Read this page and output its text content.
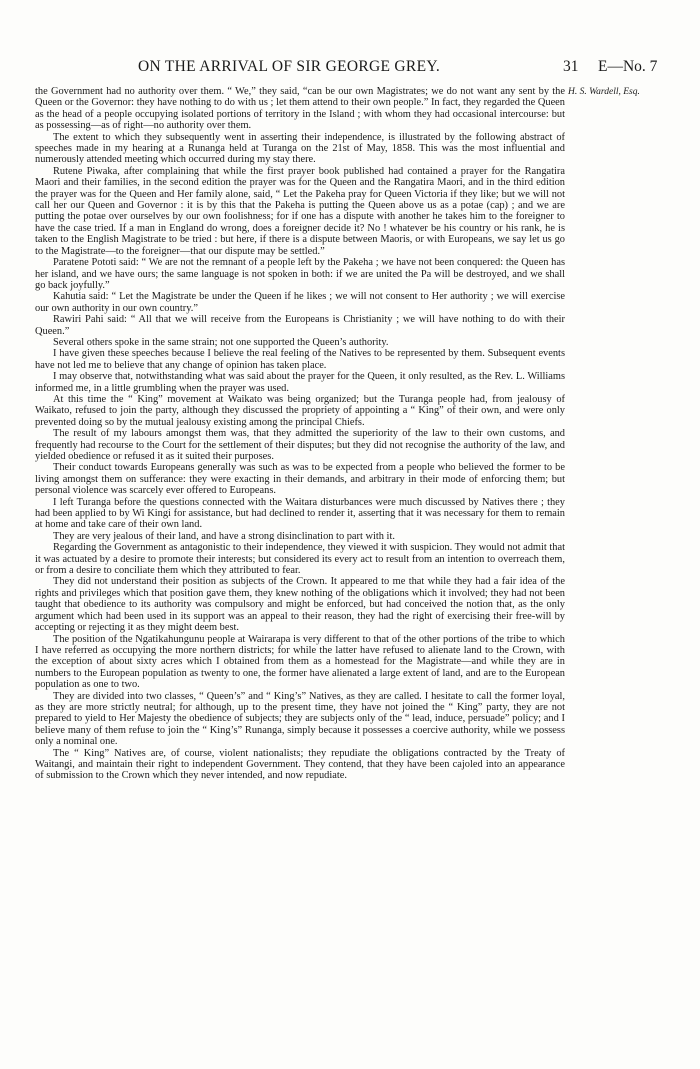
ON THE ARRIVAL OF SIR GEORGE GREY.	31 E—No. 7
H. S. Wardell, Esq.

the Government had no authority over them. “ We,” they said, “can be our own Magistrates; we do not want any sent by the Queen or the Governor: they have nothing to do with us ; let them attend to their own people.” In fact, they regarded the Queen as the head of a people occupying isolated portions of territory in the Island ; with whom they had occasional intercourse: but as possessing—as of right—no authority over them.

The extent to which they subsequently went in asserting their independence, is illustrated by the following abstract of speeches made in my hearing at a Runanga held at Turanga on the 21st of May, 1858. This was the most influential and numerously attended meeting which occurred during my stay there.

Rutene Piwaka, after complaining that while the first prayer book published had contained a prayer for the Rangatira Maori and their families, in the second edition the prayer was for the Queen and the Rangatira Maori, and in the third edition the prayer was for the Queen and Her family alone, said, “ Let the Pakeha pray for Queen Victoria if they like; but we will not call her our Queen and Governor : it is by this that the Pakeha is putting the Queen above us as a potae (cap) ; and we are putting the potae over ourselves by our own foolishness; for if one has a dispute with another he takes him to the foreigner to have the case tried. If a man in England do wrong, does a foreigner decide it? No ! whatever be his country or his rank, he is taken to the English Magistrate to be tried : but here, if there is a dispute between Maoris, or with Europeans, we say let us go to the Magistrate—to the foreigner—that our dispute may be settled.”

Paratene Pototi said: “ We are not the remnant of a people left by the Pakeha ; we have not been conquered: the Queen has her island, and we have ours; the same language is not spoken in both: if we are united the Pa will be destroyed, and we shall go back joyfully.”

Kahutia said: “ Let the Magistrate be under the Queen if he likes ; we will not consent to Her authority ; we will exercise our own authority in our own country.”

Rawiri Pahi said: “ All that we will receive from the Europeans is Christianity ; we will have nothing to do with their Queen.”

Several others spoke in the same strain; not one supported the Queen’s authority.

I have given these speeches because I believe the real feeling of the Natives to be represented by them. Subsequent events have not led me to believe that any change of opinion has taken place.

I may observe that, notwithstanding what was said about the prayer for the Queen, it only resulted, as the Rev. L. Williams informed me, in a little grumbling when the prayer was used.

At this time the “ King” movement at Waikato was being organized; but the Turanga people had, from jealousy of Waikato, refused to join the party, although they discussed the propriety of appointing a “ King” of their own, and were only prevented doing so by the mutual jealousy existing among the principal Chiefs.

The result of my labours amongst them was, that they admitted the superiority of the law to their own customs, and frequently had recourse to the Court for the settlement of their disputes; but they did not recognise the authority of the law, and yielded obedience or refused it as it suited their purposes.

Their conduct towards Europeans generally was such as was to be expected from a people who believed the former to be living amongst them on sufferance: they were exacting in their demands, and arbitrary in their mode of enforcing them; but personal violence was scarcely ever offered to Europeans.

I left Turanga before the questions connected with the Waitara disturbances were much discussed by Natives there ; they had been applied to by Wi Kingi for assistance, but had declined to render it, asserting that it was necessary for them to remain at home and take care of their own land.

They are very jealous of their land, and have a strong disinclination to part with it.

Regarding the Government as antagonistic to their independence, they viewed it with suspicion. They would not admit that it was actuated by a desire to promote their interests; but considered its every act to result from an intention to overreach them, or from a desire to conciliate them which they attributed to fear.

They did not understand their position as subjects of the Crown. It appeared to me that while they had a fair idea of the rights and privileges which that position gave them, they knew nothing of the obligations which it involved; they had not been taught that obedience to its authority was compulsory and might be enforced, but had conceived the notion that, as the only argument which had been used in its support was an appeal to their reason, they had the right of exercising their free-will by accepting or rejecting it as they might deem best.

The position of the Ngatikahungunu people at Wairarapa is very different to that of the other portions of the tribe to which I have referred as occupying the more northern districts; for while the latter have refused to alienate land to the Crown, with the exception of about sixty acres which I obtained from them as a homestead for the Magistrate—and while they are in numbers to the European population as twenty to one, the former have alienated a large extent of land, and are to the European population as one to two.

They are divided into two classes, “ Queen’s” and “ King’s” Natives, as they are called. I hesitate to call the former loyal, as they are more strictly neutral; for although, up to the present time, they have not joined the “ King” party, they are not prepared to yield to Her Majesty the obedience of subjects; they are subjects only of the “ lead, induce, persuade” policy; and I believe many of them refuse to join the “ King’s” Runanga, simply because it possesses a coercive authority, while we possess only a nominal one.

The “ King” Natives are, of course, violent nationalists; they repudiate the obligations contracted by the Treaty of Waitangi, and maintain their right to independent Government. They contend, that they have been cajoled into an appearance of submission to the Crown which they never intended, and now repudiate.
